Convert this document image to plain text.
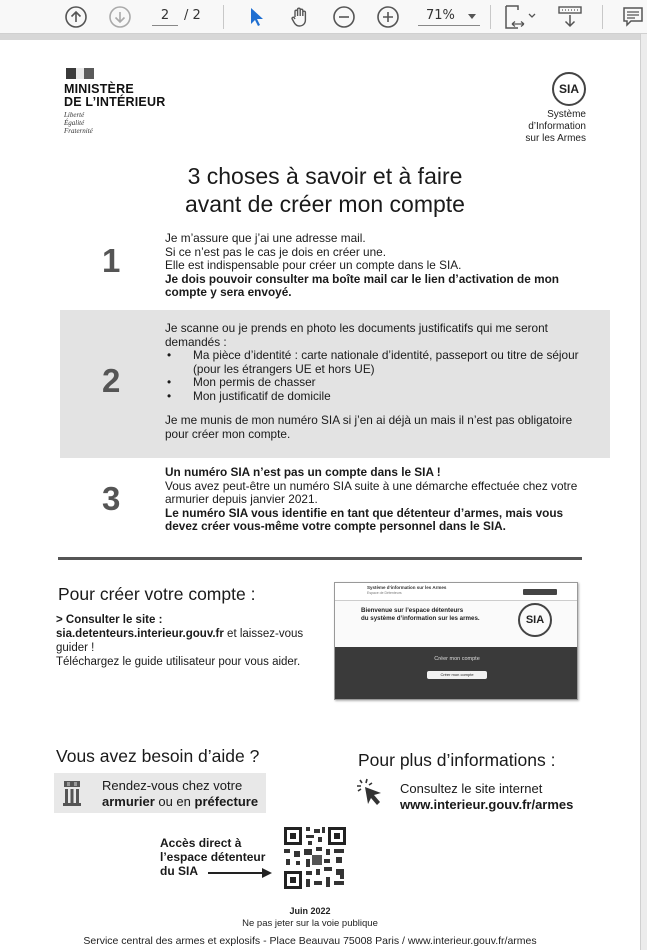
2	/ 2	71%
MINISTÈRE
DE L’INTÉRIEUR
Liberté
Égalité
Fraternité
SIA
Système
d’Information
sur les Armes
3 choses à savoir et à faire
avant de créer mon compte
1
Je m’assure que j’ai une adresse mail.
Si ce n’est pas le cas je dois en créer une.
Elle est indispensable pour créer un compte dans le SIA.
Je dois pouvoir consulter ma boîte mail car le lien d’activation de mon compte y sera envoyé.
2
Je scanne ou je prends en photo les documents justificatifs qui me seront demandés :
• Ma pièce d’identité : carte nationale d’identité, passeport ou titre de séjour (pour les étrangers UE et hors UE)
• Mon permis de chasser
• Mon justificatif de domicile
Je me munis de mon numéro SIA si j’en ai déjà un mais il n’est pas obligatoire pour créer mon compte.
3
Un numéro SIA n’est pas un compte dans le SIA !
Vous avez peut-être un numéro SIA suite à une démarche effectuée chez votre armurier depuis janvier 2021.
Le numéro SIA vous identifie en tant que détenteur d’armes, mais vous devez créer vous-même votre compte personnel dans le SIA.
Pour créer votre compte :
> Consulter le site :
sia.detenteurs.interieur.gouv.fr et laissez-vous guider !
Téléchargez le guide utilisateur pour vous aider.
Système d’information sur les Armes
Espace de Détenteurs
Bienvenue sur l’espace détenteurs
du système d’information sur les armes.	SIA
Créer mon compte
Créer mon compte
Vous avez besoin d’aide ?
Rendez-vous chez votre
armurier ou en préfecture
Pour plus d’informations :
Consultez le site internet
www.interieur.gouv.fr/armes
Accès direct à
l’espace détenteur
du SIA
Juin 2022
Ne pas jeter sur la voie publique
Service central des armes et explosifs - Place Beauvau 75008 Paris / www.interieur.gouv.fr/armes
